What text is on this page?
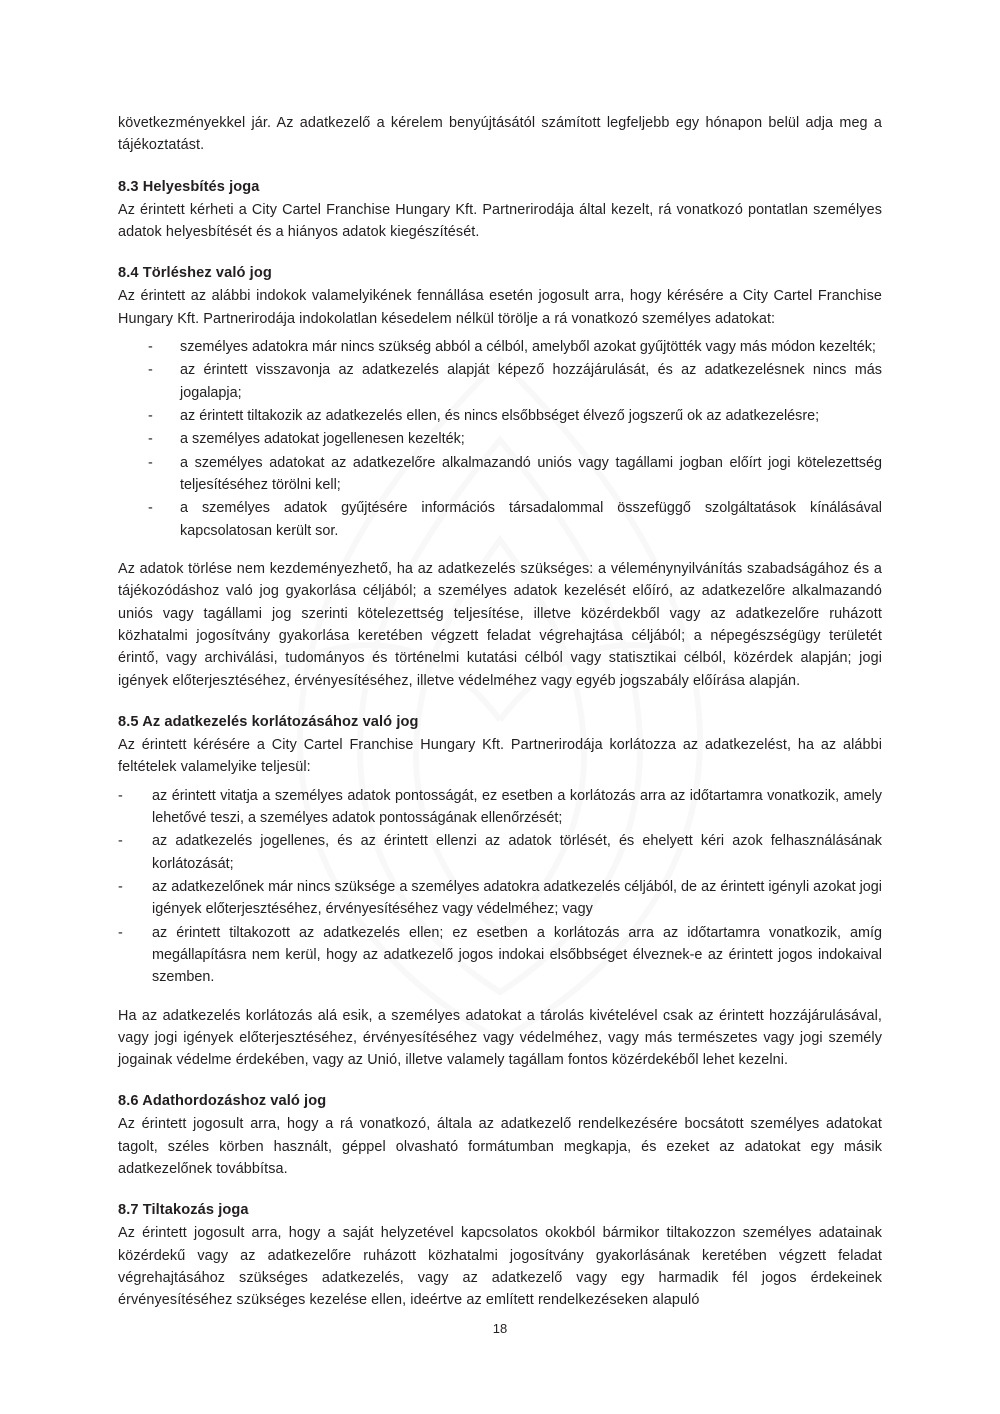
következményekkel jár. Az adatkezelő a kérelem benyújtásától számított legfeljebb egy hónapon belül adja meg a tájékoztatást.

8.3 Helyesbítés joga

Az érintett kérheti a City Cartel Franchise Hungary Kft. Partnerirodája által kezelt, rá vonatkozó pontatlan személyes adatok helyesbítését és a hiányos adatok kiegészítését.

8.4 Törléshez való jog

Az érintett az alábbi indokok valamelyikének fennállása esetén jogosult arra, hogy kérésére a City Cartel Franchise Hungary Kft. Partnerirodája indokolatlan késedelem nélkül törölje a rá vonatkozó személyes adatokat:

- személyes adatokra már nincs szükség abból a célból, amelyből azokat gyűjtötték vagy más módon kezelték;
- az érintett visszavonja az adatkezelés alapját képező hozzájárulását, és az adatkezelésnek nincs más jogalapja;
- az érintett tiltakozik az adatkezelés ellen, és nincs elsőbbséget élvező jogszerű ok az adatkezelésre;
- a személyes adatokat jogellenesen kezelték;
- a személyes adatokat az adatkezelőre alkalmazandó uniós vagy tagállami jogban előírt jogi kötelezettség teljesítéséhez törölni kell;
- a személyes adatok gyűjtésére információs társadalommal összefüggő szolgáltatások kínálásával kapcsolatosan került sor.

Az adatok törlése nem kezdeményezhető, ha az adatkezelés szükséges: a véleménynyilvánítás szabadságához és a tájékozódáshoz való jog gyakorlása céljából; a személyes adatok kezelését előíró, az adatkezelőre alkalmazandó uniós vagy tagállami jog szerinti kötelezettség teljesítése, illetve közérdekből vagy az adatkezelőre ruházott közhatalmi jogosítvány gyakorlása keretében végzett feladat végrehajtása céljából; a népegészségügy területét érintő, vagy archiválási, tudományos és történelmi kutatási célból vagy statisztikai célból, közérdek alapján; jogi igények előterjesztéséhez, érvényesítéséhez, illetve védelméhez vagy egyéb jogszabály előírása alapján.

8.5 Az adatkezelés korlátozásához való jog

Az érintett kérésére a City Cartel Franchise Hungary Kft. Partnerirodája korlátozza az adatkezelést, ha az alábbi feltételek valamelyike teljesül:

- az érintett vitatja a személyes adatok pontosságát, ez esetben a korlátozás arra az időtartamra vonatkozik, amely lehetővé teszi, a személyes adatok pontosságának ellenőrzését;
- az adatkezelés jogellenes, és az érintett ellenzi az adatok törlését, és ehelyett kéri azok felhasználásának korlátozását;
- az adatkezelőnek már nincs szüksége a személyes adatokra adatkezelés céljából, de az érintett igényli azokat jogi igények előterjesztéséhez, érvényesítéséhez vagy védelméhez; vagy
- az érintett tiltakozott az adatkezelés ellen; ez esetben a korlátozás arra az időtartamra vonatkozik, amíg megállapításra nem kerül, hogy az adatkezelő jogos indokai elsőbbséget élveznek-e az érintett jogos indokaival szemben.

Ha az adatkezelés korlátozás alá esik, a személyes adatokat a tárolás kivételével csak az érintett hozzájárulásával, vagy jogi igények előterjesztéséhez, érvényesítéséhez vagy védelméhez, vagy más természetes vagy jogi személy jogainak védelme érdekében, vagy az Unió, illetve valamely tagállam fontos közérdekéből lehet kezelni.

8.6 Adathordozáshoz való jog

Az érintett jogosult arra, hogy a rá vonatkozó, általa az adatkezelő rendelkezésére bocsátott személyes adatokat tagolt, széles körben használt, géppel olvasható formátumban megkapja, és ezeket az adatokat egy másik adatkezelőnek továbbítsa.

8.7 Tiltakozás joga

Az érintett jogosult arra, hogy a saját helyzetével kapcsolatos okokból bármikor tiltakozzon személyes adatainak közérdekű vagy az adatkezelőre ruházott közhatalmi jogosítvány gyakorlásának keretében végzett feladat végrehajtásához szükséges adatkezelés, vagy az adatkezelő vagy egy harmadik fél jogos érdekeinek érvényesítéséhez szükséges kezelése ellen, ideértve az említett rendelkezéseken alapuló

18
